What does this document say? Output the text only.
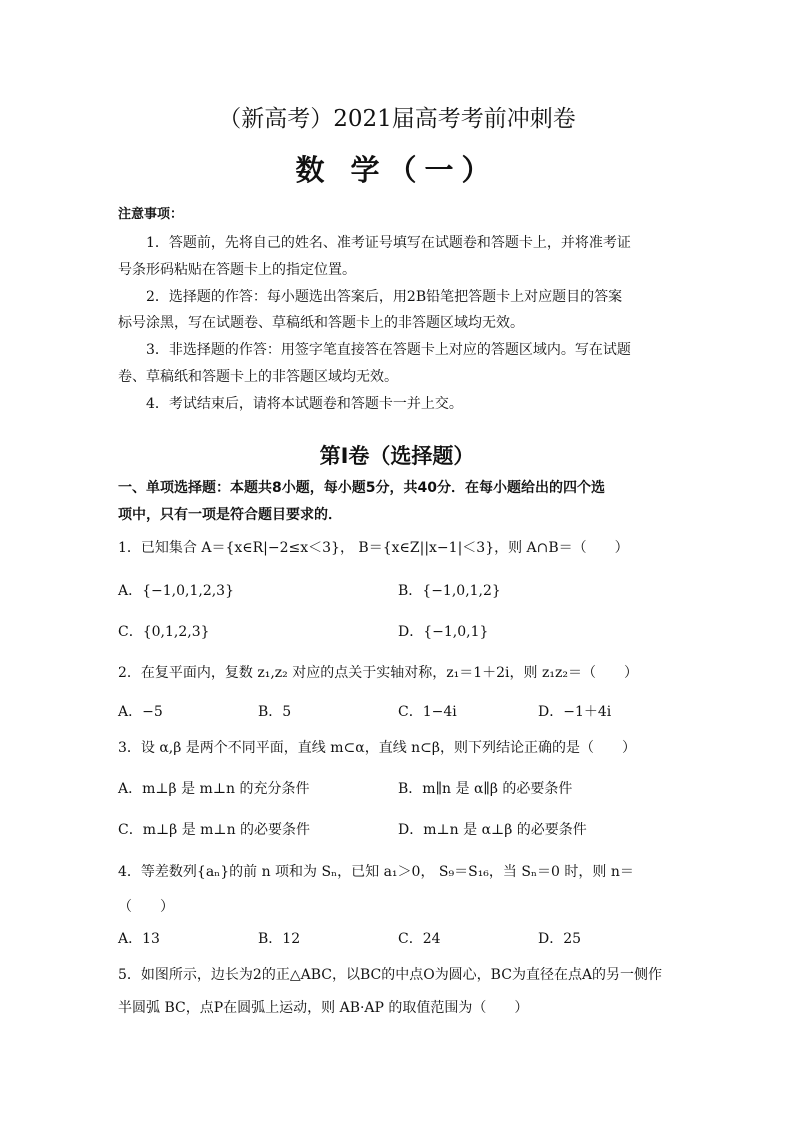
（新高考）2021届高考考前冲刺卷
数 学（一）
注意事项：
1．答题前，先将自己的姓名、准考证号填写在试题卷和答题卡上，并将准考证
号条形码粘贴在答题卡上的指定位置。
2．选择题的作答：每小题选出答案后，用2B铅笔把答题卡上对应题目的答案
标号涂黑，写在试题卷、草稿纸和答题卡上的非答题区域均无效。
3．非选择题的作答：用签字笔直接答在答题卡上对应的答题区域内。写在试题
卷、草稿纸和答题卡上的非答题区域均无效。
4．考试结束后，请将本试题卷和答题卡一并上交。
第Ⅰ卷（选择题）
一、单项选择题：本题共8小题，每小题5分，共40分．在每小题给出的四个选
项中，只有一项是符合题目要求的．
1．已知集合 A＝{x∈R|−2≤x＜3}， B＝{x∈Z||x−1|＜3}，则 A∩B＝（　　）
A．{−1,0,1,2,3}	B．{−1,0,1,2}
C．{0,1,2,3}	D．{−1,0,1}
2．在复平面内，复数 z₁,z₂ 对应的点关于实轴对称，z₁＝1＋2i，则 z₁z₂＝（　　）
A．−5	B．5	C．1−4i	D．−1＋4i
3．设 α,β 是两个不同平面，直线 m⊂α，直线 n⊂β，则下列结论正确的是（　　）
A．m⊥β 是 m⊥n 的充分条件	B．m∥n 是 α∥β 的必要条件
C．m⊥β 是 m⊥n 的必要条件	D．m⊥n 是 α⊥β 的必要条件
4．等差数列{aₙ}的前 n 项和为 Sₙ，已知 a₁＞0， S₉＝S₁₆，当 Sₙ＝0 时，则 n＝
（　　）
A．13	B．12	C．24	D．25
5．如图所示，边长为2的正△ABC，以BC的中点O为圆心，BC为直径在点A的另一侧作
半圆弧 BC，点P在圆弧上运动，则 AB·AP 的取值范围为（　　）
